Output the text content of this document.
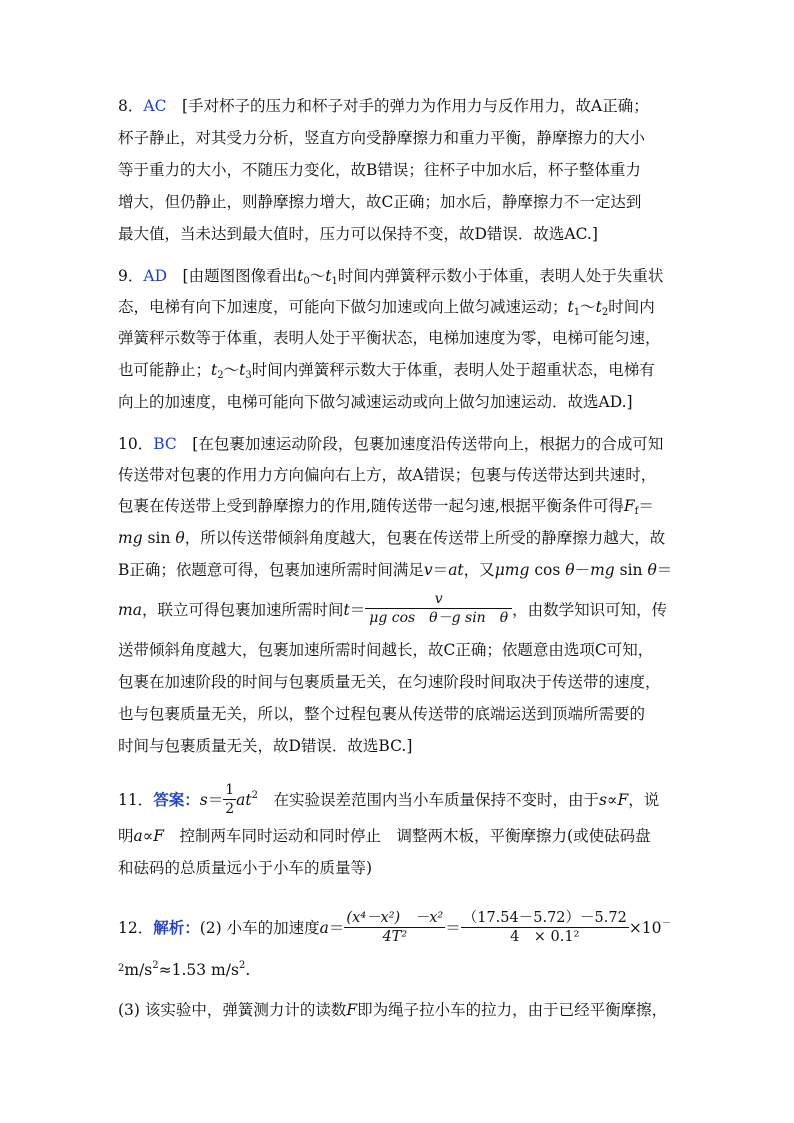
8．AC　 [手对杯子的压力和杯子对手的弹力为作用力与反作用力，故A正确；
杯子静止，对其受力分析，竖直方向受静摩擦力和重力平衡，静摩擦力的大小
等于重力的大小，不随压力变化，故B错误；往杯子中加水后，杯子整体重力
增大，但仍静止，则静摩擦力增大，故C正确；加水后，静摩擦力不一定达到
最大值，当未达到最大值时，压力可以保持不变，故D错误．故选AC.]
9．AD　 [由题图图像看出$t_0\sim t_1$时间内弹簧秤示数小于体重，表明人处于失重状
态，电梯有向下加速度，可能向下做匀加速或向上做匀减速运动；$t_1\sim t_2$时间内
弹簧秤示数等于体重，表明人处于平衡状态，电梯加速度为零，电梯可能匀速，
也可能静止；$t_2\sim t_3$时间内弹簧秤示数大于体重，表明人处于超重状态，电梯有
向上的加速度，电梯可能向下做匀减速运动或向上做匀加速运动．故选AD.]
10．BC　 [在包裹加速运动阶段，包裹加速度沿传送带向上，根据力的合成可知
传送带对包裹的作用力方向偏向右上方，故A错误；包裹与传送带达到共速时，
包裹在传送带上受到静摩擦力的作用,随传送带一起匀速,根据平衡条件可得$F_f=$
mg sin θ，所以传送带倾斜角度越大，包裹在传送带上所受的静摩擦力越大，故
B正确；依题意可得，包裹加速所需时间满足v＝at，又μmg cos θ－mg sin θ＝
ma，联立可得包裹加速所需时间$t= \frac{v}{\text{μg cos　θ－g sin　θ}}$ ，由数学知识可知，传
送带倾斜角度越大，包裹加速所需时间越长，故C正确；依题意由选项C可知，
包裹在加速阶段的时间与包裹质量无关，在匀速阶段时间取决于传送带的速度，
也与包裹质量无关，所以，整个过程包裹从传送带的底端运送到顶端所需要的
时间与包裹质量无关，故D错误．故选BC.]
11．答案：$s= \frac{1}{2} at^2$　在实验误差范围内当小车质量保持不变时，由于s∝F，说
明a∝F　控制两车同时运动和同时停止　调整两木板，平衡摩擦力(或使砝码盘
和砝码的总质量远小于小车的质量等)
12．解析：(2) 小车的加速度$a= \frac{\text{(x⁴－x²)　－x²}}{\text{4T²}} = \frac{(17.54-5.72)-5.72}{\text{4　× 0.1²}} \times 10^-$
$^2m/s^2\approx 1.53$ $m/s^2$.
(3) 该实验中，弹簧测力计的读数F即为绳子拉小车的拉力，由于已经平衡摩擦，
